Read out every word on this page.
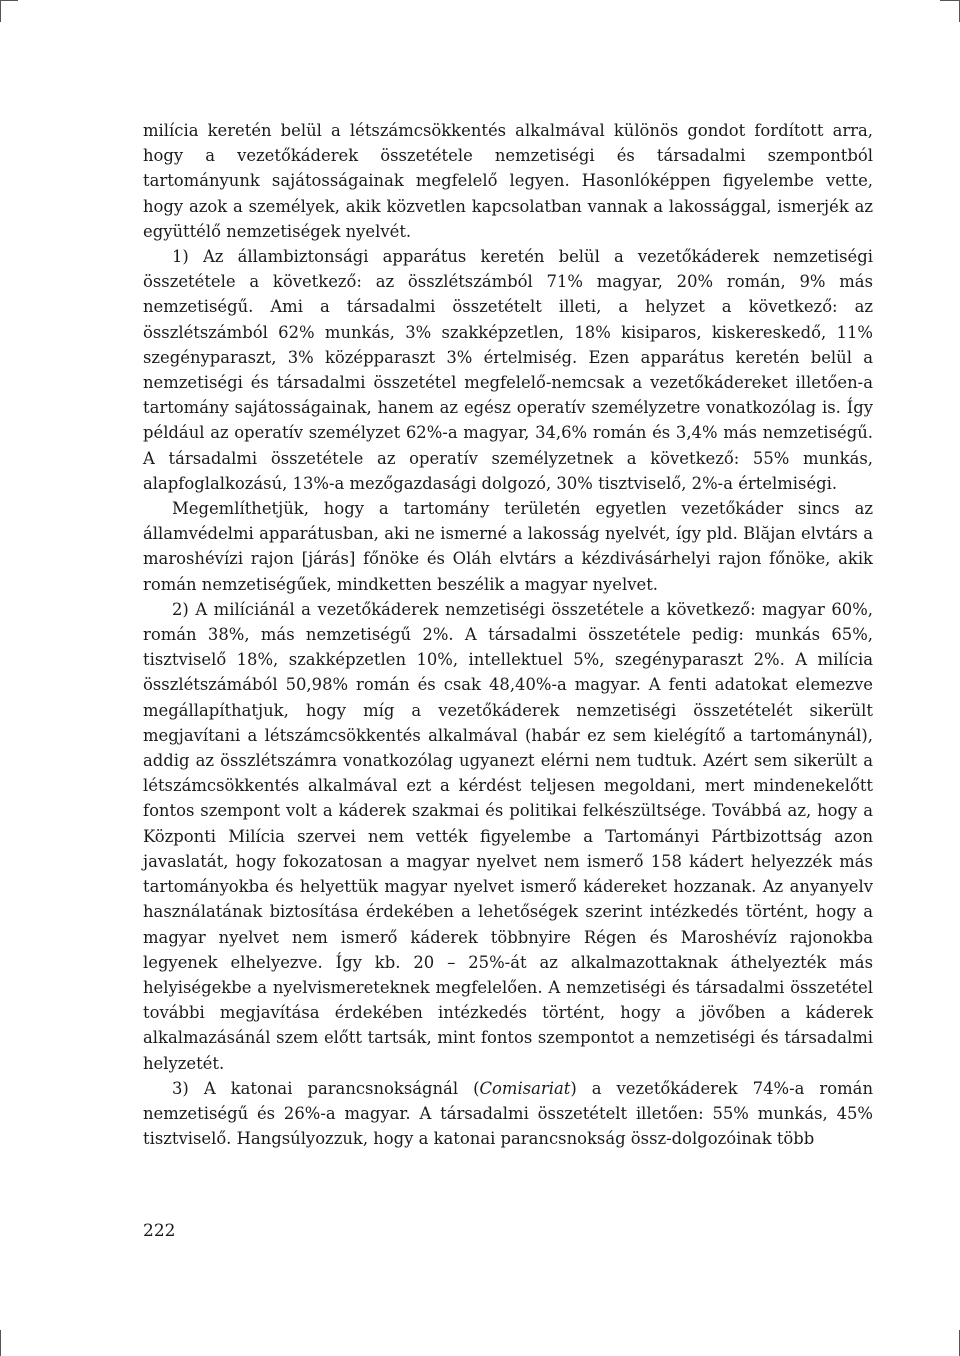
milícia keretén belül a létszámcsökkentés alkalmával különös gondot fordított arra, hogy a vezetőkáderek összetétele nemzetiségi és társadalmi szempontból tartományunk sajátosságainak megfelelő legyen. Hasonlóképpen figyelembe vette, hogy azok a személyek, akik közvetlen kapcsolatban vannak a lakossággal, ismerjék az együttélő nemzetiségek nyelvét.

1) Az állambiztonsági apparátus keretén belül a vezetőkáderek nemzetiségi összetétele a következő: az összlétszámból 71% magyar, 20% román, 9% más nemzetiségű. Ami a társadalmi összetételt illeti, a helyzet a következő: az összlétszámból 62% munkás, 3% szakképzetlen, 18% kisiparos, kiskereskedő, 11% szegényparaszt, 3% középparaszt 3% értelmiség. Ezen apparátus keretén belül a nemzetiségi és társadalmi összetétel megfelelő-nemcsak a vezetőkádereket illetően-a tartomány sajátosságainak, hanem az egész operatív személyzetre vonatkozólag is. Így például az operatív személyzet 62%-a magyar, 34,6% román és 3,4% más nemzetiségű. A társadalmi összetétele az operatív személyzetnek a következő: 55% munkás, alapfoglalkozású, 13%-a mezőgazdasági dolgozó, 30% tisztviselő, 2%-a értelmiségi.

Megemlíthetjük, hogy a tartomány területén egyetlen vezetőkáder sincs az államvédelmi apparátusban, aki ne ismerné a lakosság nyelvét, így pld. Blăjan elvtárs a maroshévízi rajon [járás] főnöke és Oláh elvtárs a kézdivásárhelyi rajon főnöke, akik román nemzetiségűek, mindketten beszélik a magyar nyelvet.

2) A milíciánál a vezetőkáderek nemzetiségi összetétele a következő: magyar 60%, román 38%, más nemzetiségű 2%. A társadalmi összetétele pedig: munkás 65%, tisztviselő 18%, szakképzetlen 10%, intellektuel 5%, szegényparaszt 2%. A milícia összlétszámából 50,98% román és csak 48,40%-a magyar. A fenti adatokat elemezve megállapíthatjuk, hogy míg a vezetőkáderek nemzetiségi összetételét sikerült megjavítani a létszámcsökkentés alkalmával (habár ez sem kielégítő a tartománynál), addig az összlétszámra vonatkozólag ugyanezt elérni nem tudtuk. Azért sem sikerült a létszámcsökkentés alkalmával ezt a kérdést teljesen megoldani, mert mindenekelőtt fontos szempont volt a káderek szakmai és politikai felkészültsége. Továbbá az, hogy a Központi Milícia szervei nem vették figyelembe a Tartományi Pártbizottság azon javaslatát, hogy fokozatosan a magyar nyelvet nem ismerő 158 kádert helyezzék más tartományokba és helyettük magyar nyelvet ismerő kádereket hozzanak. Az anyanyelv használatának biztosítása érdekében a lehetőségek szerint intézkedés történt, hogy a magyar nyelvet nem ismerő káderek többnyire Régen és Maroshévíz rajonokba legyenek elhelyezve. Így kb. 20 – 25%-át az alkalmazottaknak áthelyezték más helyiségekbe a nyelvismereteknek megfelelően. A nemzetiségi és társadalmi összetétel további megjavítása érdekében intézkedés történt, hogy a jövőben a káderek alkalmazásánál szem előtt tartsák, mint fontos szempontot a nemzetiségi és társadalmi helyzetét.

3) A katonai parancsnokságnál (Comisariat) a vezetőkáderek 74%-a román nemzetiségű és 26%-a magyar. A társadalmi összetételt illetően: 55% munkás, 45% tisztviselő. Hangsúlyozzuk, hogy a katonai parancsnokság össz-dolgozóinak több

222
